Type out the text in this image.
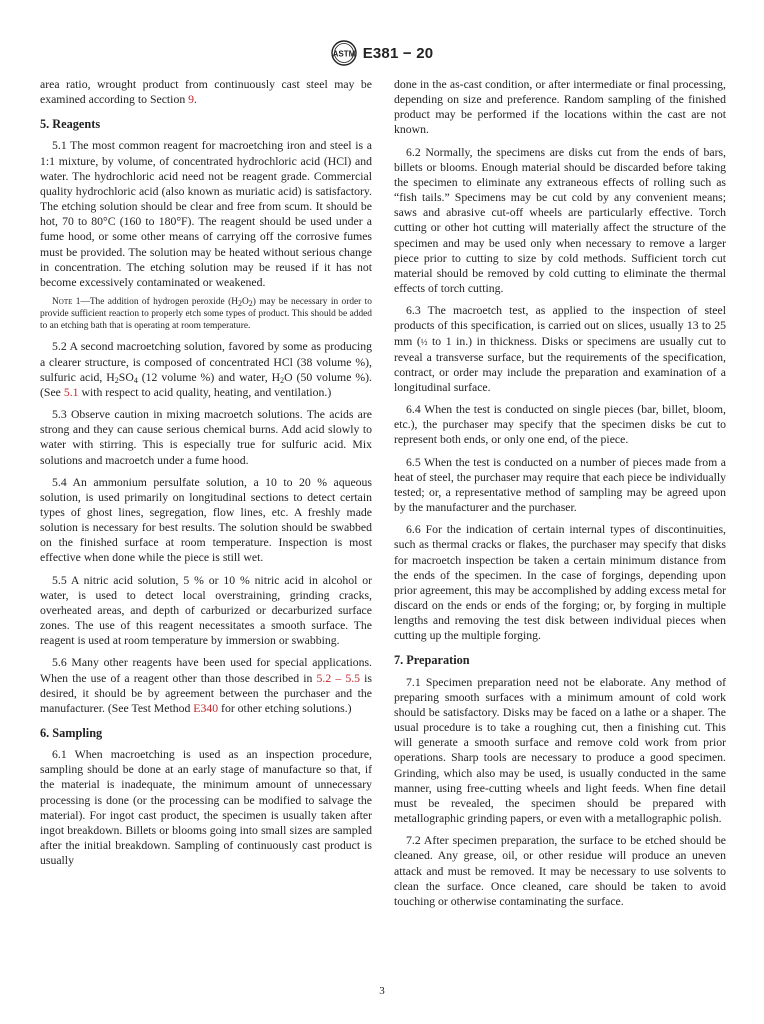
ASTM E381 − 20

area ratio, wrought product from continuously cast steel may be examined according to Section 9.

5. Reagents

5.1 The most common reagent for macroetching iron and steel is a 1:1 mixture, by volume, of concentrated hydrochloric acid (HCl) and water. The hydrochloric acid need not be reagent grade. Commercial quality hydrochloric acid (also known as muriatic acid) is satisfactory. The etching solution should be clear and free from scum. It should be hot, 70 to 80°C (160 to 180°F). The reagent should be used under a fume hood, or some other means of carrying off the corrosive fumes must be provided. The solution may be heated without serious change in concentration. The etching solution may be reused if it has not become excessively contaminated or weakened.

Note 1—The addition of hydrogen peroxide $(H_2O_2)$ may be necessary in order to provide sufficient reaction to properly etch some types of product. This should be added to an etching bath that is operating at room temperature.

5.2 A second macroetching solution, favored by some as producing a clearer structure, is composed of concentrated HCl (38 volume %), sulfuric acid, $H_2SO_4$ (12 volume %) and water, $H_2O$ (50 volume %). (See 5.1 with respect to acid quality, heating, and ventilation.)

5.3 Observe caution in mixing macroetch solutions. The acids are strong and they can cause serious chemical burns. Add acid slowly to water with stirring. This is especially true for sulfuric acid. Mix solutions and macroetch under a fume hood.

5.4 An ammonium persulfate solution, a 10 to 20 % aqueous solution, is used primarily on longitudinal sections to detect certain types of ghost lines, segregation, flow lines, etc. A freshly made solution is necessary for best results. The solution should be swabbed on the finished surface at room temperature. Inspection is most effective when done while the piece is still wet.

5.5 A nitric acid solution, 5 % or 10 % nitric acid in alcohol or water, is used to detect local overstraining, grinding cracks, overheated areas, and depth of carburized or decarburized surface zones. The use of this reagent necessitates a smooth surface. The reagent is used at room temperature by immersion or swabbing.

5.6 Many other reagents have been used for special applications. When the use of a reagent other than those described in 5.2 – 5.5 is desired, it should be by agreement between the purchaser and the manufacturer. (See Test Method E340 for other etching solutions.)

6. Sampling

6.1 When macroetching is used as an inspection procedure, sampling should be done at an early stage of manufacture so that, if the material is inadequate, the minimum amount of unnecessary processing is done (or the processing can be modified to salvage the material). For ingot cast product, the specimen is usually taken after ingot breakdown. Billets or blooms going into small sizes are sampled after the initial breakdown. Sampling of continuously cast product is usually

done in the as-cast condition, or after intermediate or final processing, depending on size and preference. Random sampling of the finished product may be performed if the locations within the cast are not known.

6.2 Normally, the specimens are disks cut from the ends of bars, billets or blooms. Enough material should be discarded before taking the specimen to eliminate any extraneous effects of rolling such as “fish tails.” Specimens may be cut cold by any convenient means; saws and abrasive cut-off wheels are particularly effective. Torch cutting or other hot cutting will materially affect the structure of the specimen and may be used only when necessary to remove a larger piece prior to cutting to size by cold methods. Sufficient torch cut material should be removed by cold cutting to eliminate the thermal effects of torch cutting.

6.3 The macroetch test, as applied to the inspection of steel products of this specification, is carried out on slices, usually 13 to 25 mm (½ to 1 in.) in thickness. Disks or specimens are usually cut to reveal a transverse surface, but the requirements of the specification, contract, or order may include the preparation and examination of a longitudinal surface.

6.4 When the test is conducted on single pieces (bar, billet, bloom, etc.), the purchaser may specify that the specimen disks be cut to represent both ends, or only one end, of the piece.

6.5 When the test is conducted on a number of pieces made from a heat of steel, the purchaser may require that each piece be individually tested; or, a representative method of sampling may be agreed upon by the manufacturer and the purchaser.

6.6 For the indication of certain internal types of discontinuities, such as thermal cracks or flakes, the purchaser may specify that disks for macroetch inspection be taken a certain minimum distance from the ends of the specimen. In the case of forgings, depending upon prior agreement, this may be accomplished by adding excess metal for discard on the ends or ends of the forging; or, by forging in multiple lengths and removing the test disk between individual pieces when cutting up the multiple forging.

7. Preparation

7.1 Specimen preparation need not be elaborate. Any method of preparing smooth surfaces with a minimum amount of cold work should be satisfactory. Disks may be faced on a lathe or a shaper. The usual procedure is to take a roughing cut, then a finishing cut. This will generate a smooth surface and remove cold work from prior operations. Sharp tools are necessary to produce a good specimen. Grinding, which also may be used, is usually conducted in the same manner, using free-cutting wheels and light feeds. When fine detail must be revealed, the specimen should be prepared with metallographic grinding papers, or even with a metallographic polish.

7.2 After specimen preparation, the surface to be etched should be cleaned. Any grease, oil, or other residue will produce an uneven attack and must be removed. It may be necessary to use solvents to clean the surface. Once cleaned, care should be taken to avoid touching or otherwise contaminating the surface.

3
